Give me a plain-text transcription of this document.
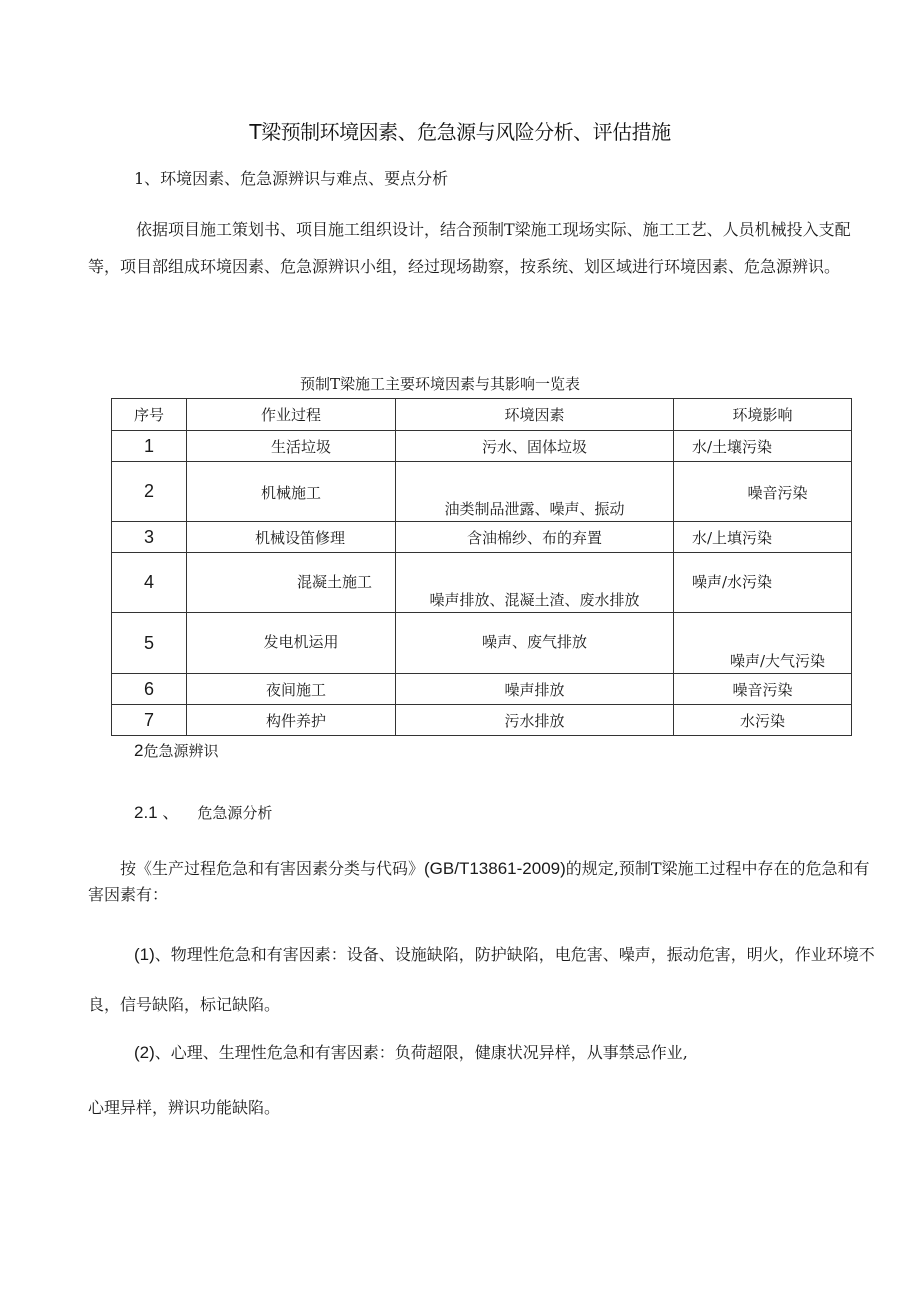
T梁预制环境因素、危急源与风险分析、评估措施
1、环境因素、危急源辨识与难点、要点分析

依据项目施工策划书、项目施工组织设计，结合预制T梁施工现场实际、施工工艺、人员机械投入支配等，项目部组成环境因素、危急源辨识小组，经过现场勘察，按系统、划区域进行环境因素、危急源辨识。

预制T梁施工主要环境因素与其影响一览表
序号	作业过程	环境因素	环境影响
1	生活垃圾	污水、固体垃圾	水/土壤污染
2	机械施工	油类制品泄露、噪声、振动	噪音污染

3	机械设笛修理	含油棉纱、布的弃置	水/上填污染
4	混凝土施工	噪声排放、混凝土渣、废水排放	噪声/水污染

5	发电机运用	噪声、废气排放	噪声/大气污染

6	夜间施工	噪声排放	噪音污染
7	构件养护	污水排放	水污染
2危急源辨识
2.1 、 危急源分析

按《生产过程危急和有害因素分类与代码》(GB/T13861-2009)的规定,预制T梁施工过程中存在的危急和有害因素有：

(1)、物理性危急和有害因素：设备、设施缺陷，防护缺陷，电危害、噪声，振动危害，明火，作业环境不良，信号缺陷，标记缺陷。

(2)、心理、生理性危急和有害因素：负荷超限，健康状况异样，从事禁忌作业,
心理异样，辨识功能缺陷。
